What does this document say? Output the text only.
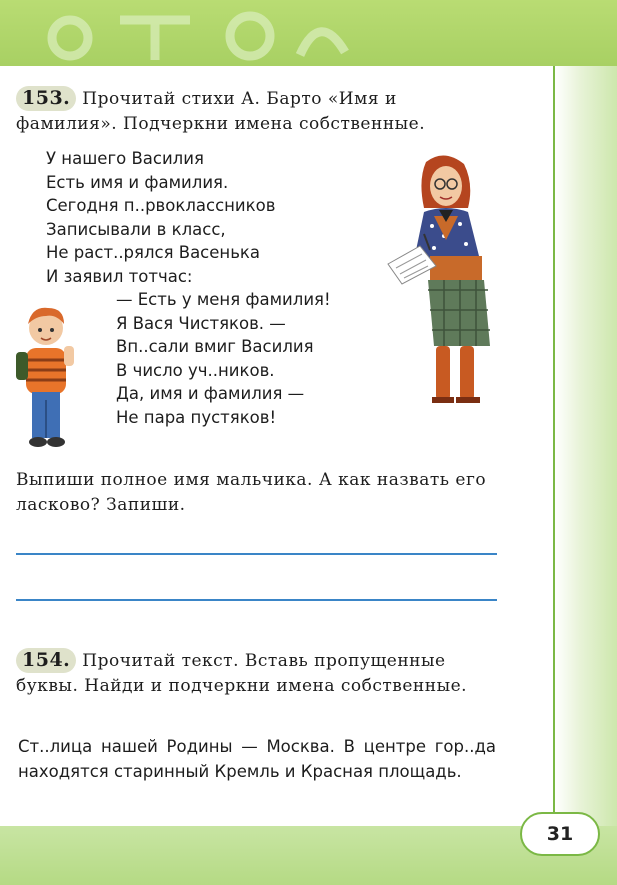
31
153. Прочитай стихи А. Барто «Имя и фамилия». Подчеркни имена собственные.
У нашего Василия
Есть имя и фамилия.
Сегодня п..рвоклассников
Записывали в класс,
Не раст..рялся Васенька
И заявил тотчас:
— Есть у меня фамилия!
Я Вася Чистяков. —
Вп..сали вмиг Василия
В число уч..ников.
Да, имя и фамилия —
Не пара пустяков!
Выпиши полное имя мальчика. А как назвать его ласково? Запиши.
154. Прочитай текст. Вставь пропущенные буквы. Найди и подчеркни имена собственные.
Ст..лица нашей Родины — Москва. В центре гор..да находятся старинный Кремль и Красная площадь.
